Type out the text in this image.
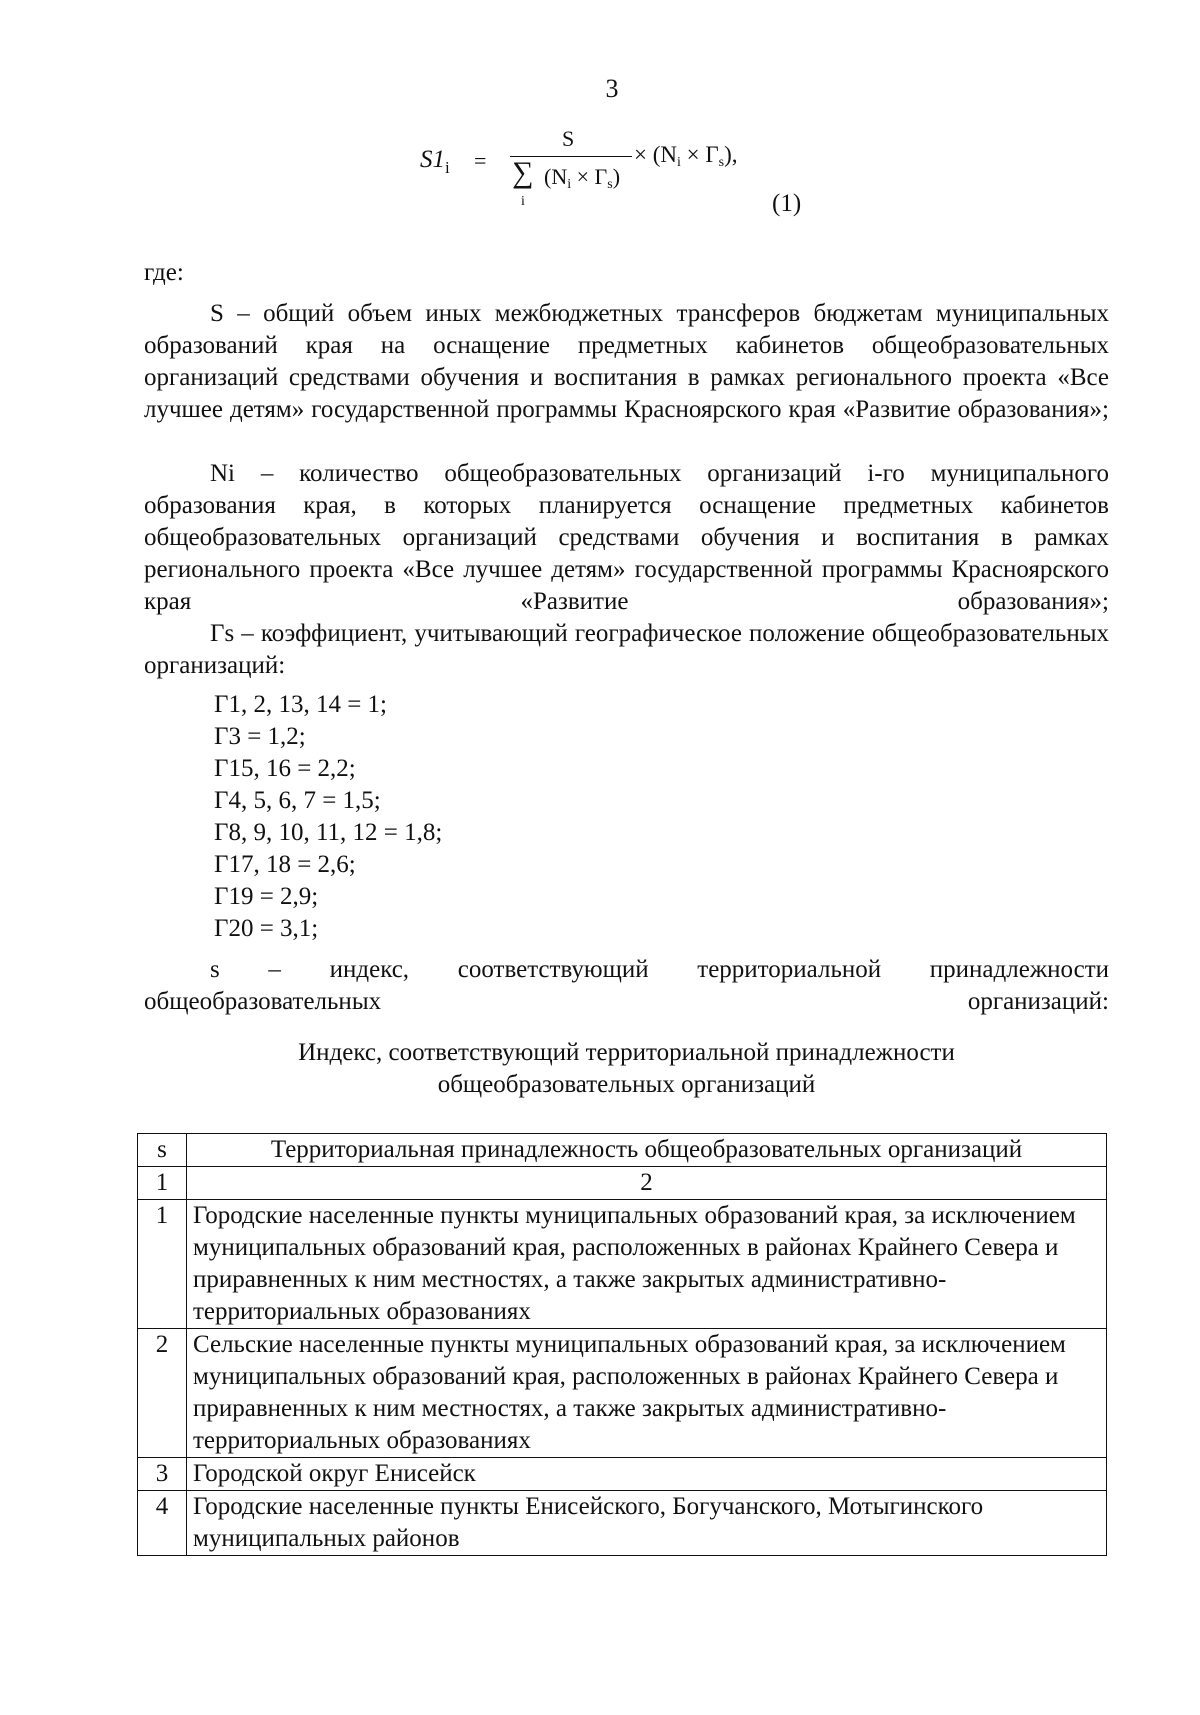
3
$S1_i$ =
S
∑ (Ni × Гs)
i
× (Ni × Гs),
(1)
где:

S – общий объем иных межбюджетных трансферов бюджетам муниципальных образований края на оснащение предметных кабинетов общеобразовательных организаций средствами обучения и воспитания в рамках регионального проекта «Все лучшее детям» государственной программы Красноярского края «Развитие образования»;

Ni – количество общеобразовательных организаций i-го муниципального образования края, в которых планируется оснащение предметных кабинетов общеобразовательных организаций средствами обучения и воспитания в рамках регионального проекта «Все лучшее детям» государственной программы Красноярского края «Развитие образования»;

Гs – коэффициент, учитывающий географическое положение общеобразовательных организаций:

Г1, 2, 13, 14 = 1;
Г3 = 1,2;
Г15, 16 = 2,2;
Г4, 5, 6, 7 = 1,5;
Г8, 9, 10, 11, 12 = 1,8;
Г17, 18 = 2,6;
Г19 = 2,9;
Г20 = 3,1;

s – индекс, соответствующий территориальной принадлежности общеобразовательных организаций:

Индекс, соответствующий территориальной принадлежности
общеобразовательных организаций
s	Территориальная принадлежность общеобразовательных организаций
1	2
1	Городские населенные пункты муниципальных образований края, за исключением муниципальных образований края, расположенных в районах Крайнего Севера и приравненных к ним местностях, а также закрытых административно-территориальных образованиях
2	Сельские населенные пункты муниципальных образований края, за исключением муниципальных образований края, расположенных в районах Крайнего Севера и приравненных к ним местностях, а также закрытых административно-территориальных образованиях
3	Городской округ Енисейск
4	Городские населенные пункты Енисейского, Богучанского, Мотыгинского муниципальных районов
